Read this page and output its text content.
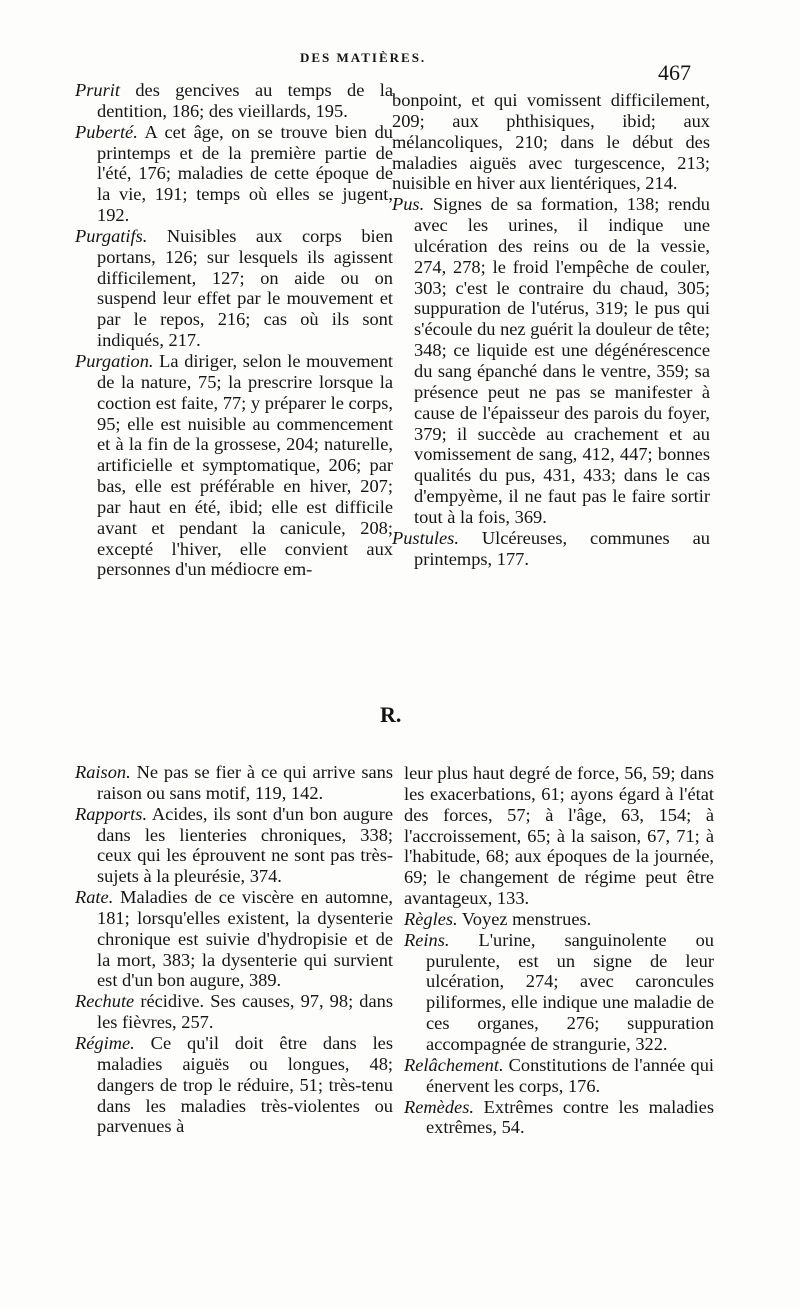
DES MATIÈRES.
467

Prurit des gencives au temps de la dentition, 186; des vieillards, 195.

Puberté. A cet âge, on se trouve bien du printemps et de la première partie de l'été, 176; maladies de cette époque de la vie, 191; temps où elles se jugent, 192.

Purgatifs. Nuisibles aux corps bien portans, 126; sur lesquels ils agissent difficilement, 127; on aide ou on suspend leur effet par le mouvement et par le repos, 216; cas où ils sont indiqués, 217.

Purgation. La diriger, selon le mouvement de la nature, 75; la prescrire lorsque la coction est faite, 77; y préparer le corps, 95; elle est nuisible au commencement et à la fin de la grossese, 204; naturelle, artificielle et symptomatique, 206; par bas, elle est préférable en hiver, 207; par haut en été, ibid; elle est difficile avant et pendant la canicule, 208; excepté l'hiver, elle convient aux personnes d'un médiocre em-

bonpoint, et qui vomissent difficilement, 209; aux phthisiques, ibid; aux mélancoliques, 210; dans le début des maladies aiguës avec turgescence, 213; nuisible en hiver aux lientériques, 214.

Pus. Signes de sa formation, 138; rendu avec les urines, il indique une ulcération des reins ou de la vessie, 274, 278; le froid l'empêche de couler, 303; c'est le contraire du chaud, 305; suppuration de l'utérus, 319; le pus qui s'écoule du nez guérit la douleur de tête; 348; ce liquide est une dégénérescence du sang épanché dans le ventre, 359; sa présence peut ne pas se manifester à cause de l'épaisseur des parois du foyer, 379; il succède au crachement et au vomissement de sang, 412, 447; bonnes qualités du pus, 431, 433; dans le cas d'empyème, il ne faut pas le faire sortir tout à la fois, 369.

Pustules. Ulcéreuses, communes au printemps, 177.

R.

Raison. Ne pas se fier à ce qui arrive sans raison ou sans motif, 119, 142.

Rapports. Acides, ils sont d'un bon augure dans les lienteries chroniques, 338; ceux qui les éprouvent ne sont pas très-sujets à la pleurésie, 374.

Rate. Maladies de ce viscère en automne, 181; lorsqu'elles existent, la dysenterie chronique est suivie d'hydropisie et de la mort, 383; la dysenterie qui survient est d'un bon augure, 389.

Rechute récidive. Ses causes, 97, 98; dans les fièvres, 257.

Régime. Ce qu'il doit être dans les maladies aiguës ou longues, 48; dangers de trop le réduire, 51; très-tenu dans les maladies très-violentes ou parvenues à

leur plus haut degré de force, 56, 59; dans les exacerbations, 61; ayons égard à l'état des forces, 57; à l'âge, 63, 154; à l'accroissement, 65; à la saison, 67, 71; à l'habitude, 68; aux époques de la journée, 69; le changement de régime peut être avantageux, 133.

Règles. Voyez menstrues.

Reins. L'urine, sanguinolente ou purulente, est un signe de leur ulcération, 274; avec caroncules piliformes, elle indique une maladie de ces organes, 276; suppuration accompagnée de strangurie, 322.

Relâchement. Constitutions de l'année qui énervent les corps, 176.

Remèdes. Extrêmes contre les maladies extrêmes, 54.
